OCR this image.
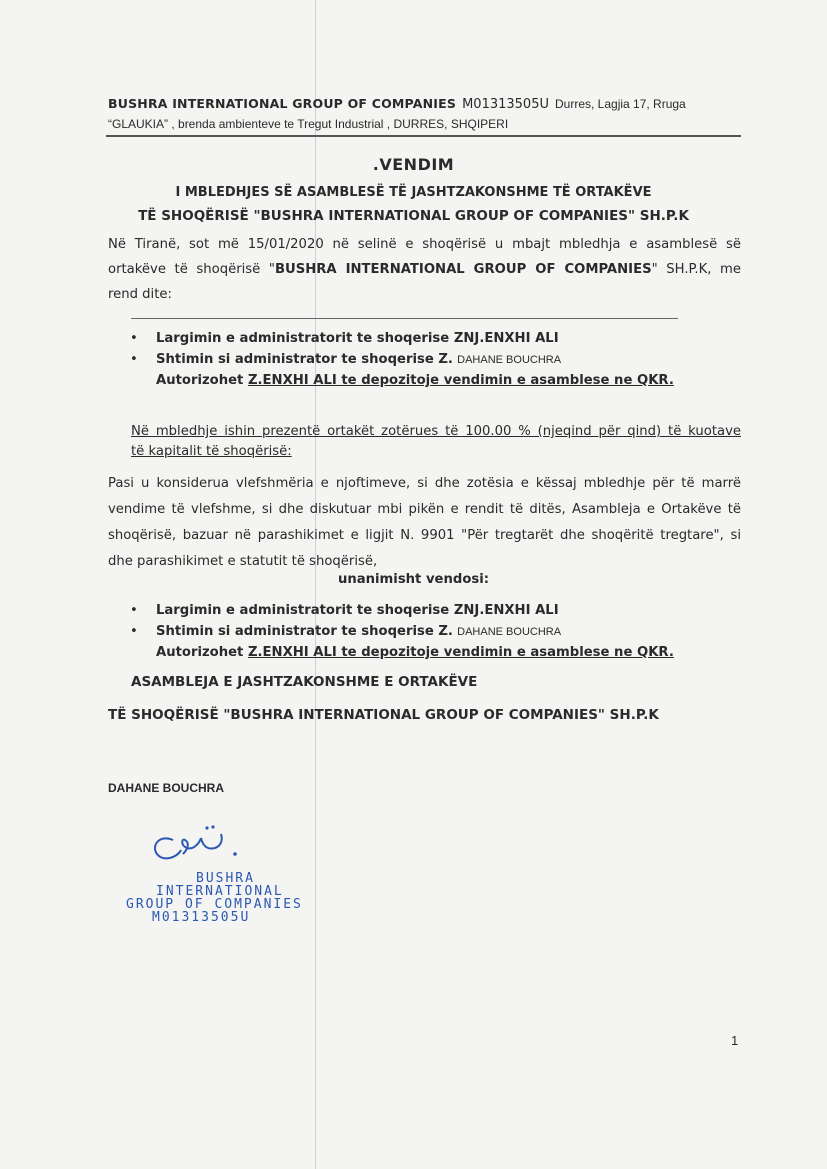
BUSHRA INTERNATIONAL GROUP OF COMPANIES M01313505U Durres, Lagjia 17, Rruga
“GLAUKIA” , brenda ambienteve te Tregut Industrial , DURRES, SHQIPERI
.VENDIM
I MBLEDHJES SË ASAMBLESË TË JASHTZAKONSHME TË ORTAKËVE
TË SHOQËRISË "BUSHRA INTERNATIONAL GROUP OF COMPANIES" SH.P.K
Në Tiranë, sot më 15/01/2020 në selinë e shoqërisë u mbajt mbledhja e asamblesë së
ortakëve të shoqërisë "BUSHRA INTERNATIONAL GROUP OF COMPANIES" SH.P.K, me
rend dite:
• Largimin e administratorit te shoqerise ZNJ.ENXHI ALI
• Shtimin si administrator te shoqerise Z. DAHANE BOUCHRA
Autorizohet Z.ENXHI ALI te depozitoje vendimin e asamblese ne QKR.
Në mbledhje ishin prezentë ortakët zotërues të 100.00 % (njeqind për qind) të kuotave
të kapitalit të shoqërisë:
Pasi u konsiderua vlefshmëria e njoftimeve, si dhe zotësia e këssaj mbledhje për të marrë
vendime të vlefshme, si dhe diskutuar mbi pikën e rendit të ditës, Asambleja e Ortakëve të
shoqërisë, bazuar në parashikimet e ligjit N. 9901 "Për tregtarët dhe shoqëritë tregtare", si
dhe parashikimet e statutit të shoqërisë,
unanimisht vendosi:
• Largimin e administratorit te shoqerise ZNJ.ENXHI ALI
• Shtimin si administrator te shoqerise Z. DAHANE BOUCHRA
Autorizohet Z.ENXHI ALI te depozitoje vendimin e asamblese ne QKR.
ASAMBLEJA E JASHTZAKONSHME E ORTAKËVE
TË SHOQËRISË "BUSHRA INTERNATIONAL GROUP OF COMPANIES" SH.P.K
DAHANE BOUCHRA
BUSHRA
INTERNATIONAL
GROUP OF COMPANIES
M01313505U
1
